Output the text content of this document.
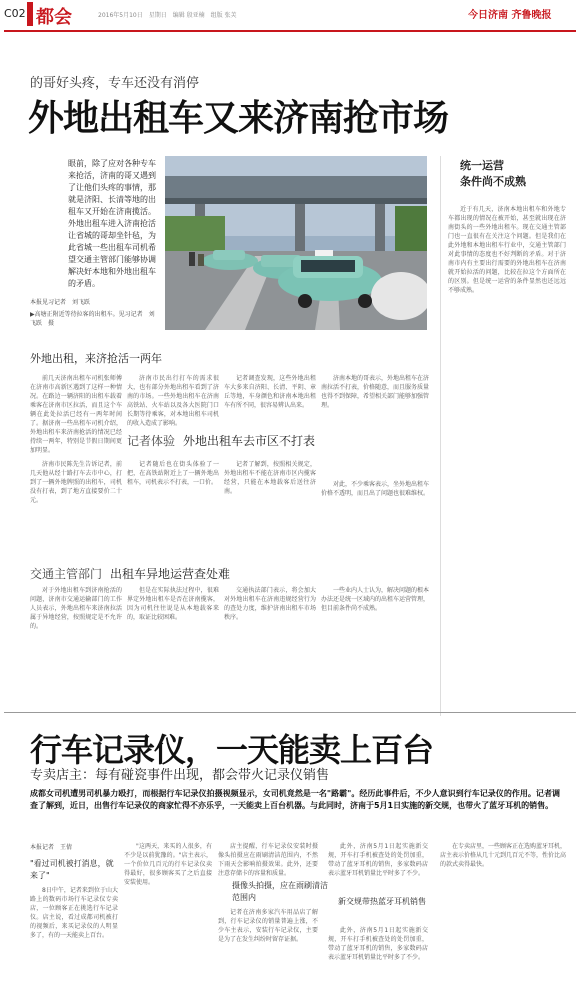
C02 都会	2016年5月10日　星期日　编辑 殷亚楠　组版 张芙	今日济南 齐鲁晚报
的哥好头疼，专车还没有消停
外地出租车又来济南抢市场
眼前，除了应对各种专车来抢活，济南的哥又遇到了让他们头疼的事情，那就是济阳、长清等地的出租车又开始在济南揽活。外地出租车进入济南抢活让省城的哥却坐针毡，为此省城一些出租车司机希望交通主管部门能够协调解决好本地和外地出租车的矛盾。
本报见习记者　刘飞跃
▶高塘正附近等待拉客的出租车。见习记者　刘飞跃　摄
统一运营
条件尚不成熟

近于有几天，济南本地出租车和外地专车都出现的情况在被开始，甚至就出现在济南街头的一些外地出租车。现在交通主管部门也一直很有在关注这个问题。但是我们在此外地和本地出租车行业中，交通主管部门对此事情的态度也不好判断的矛盾。对于济南市内有主要出行需要的外地出租车在济南就开始拉活的问题，比较在拉这个方面所在的区别。但是统一运营的条件显然也还远远不够成熟。

外地出租，来济抢活一两年

前几天济南出租车司机张师傅在济南市高新区遇到了这样一种情况。在路边一辆济阳的出租车载着乘客在济南市区拉活，而且这个车辆在此处拉活已经有一两年时间了。据济南一些出租车司机介绍，外地出租车来济南抢活的情况已经持续一两年，特别是节假日期间更加明显。

济南市民出行打车的需求很大，也有部分外地出租车看到了济南的市场。一些外地出租车在济南高铁站、火车站以及各大医院门口长期等待乘客，对本地出租车司机的收入造成了影响。

记者调查发现，这些外地出租车大多来自济阳、长清、平阴、章丘等地，车身颜色和济南本地出租车有所不同，很容易辨认出来。

济南本地的哥表示，外地出租车在济南拉活不打表，价格随意，而且服务质量也得不到保障，希望相关部门能够加强管理。

记者体验 外地出租车去市区不打表

济南市民陈先生告诉记者，前几天他从经十路打车去市中心，打到了一辆外地牌照的出租车，司机没有打表，到了地方直接要价二十元。

记者随后也在街头体验了一把，在高铁站附近上了一辆外地出租车，司机表示不打表，一口价。

记者了解到，按照相关规定，外地出租车不能在济南市区内揽客经营，只能在本地载客后送往济南。

对此，不少乘客表示，坐外地出租车价格不透明，而且出了问题也很难维权。

交通主管部门 出租车异地运营查处难

对于外地出租车到济南抢活的问题，济南市交通运输部门的工作人员表示，外地出租车来济南拉活属于异地经营，按照规定是不允许的。

但是在实际执法过程中，很难界定外地出租车是否在济南揽客，因为司机往往说是从本地载客来的，取证比较困难。

交通执法部门表示，将会加大对外地出租车在济南违规经营行为的查处力度，维护济南出租车市场秩序。

一些业内人士认为，解决问题的根本办法还是统一区域内的出租车运营管理，但目前条件尚不成熟。

行车记录仪，一天能卖上百台
专卖店主：每有碰瓷事件出现，都会带火记录仪销售
成都女司机遭男司机暴力殴打，而根据行车记录仪拍摄视频显示，女司机竟然是一名"路霸"。经历此事件后，不少人意识到行车记录仪的作用。记者调查了解到，近日，出售行车记录仪的商家忙得不亦乐乎，一天能卖上百台机器。与此同时，济南于5月1日实施的新交规，也带火了蓝牙耳机的销售。
本报记者　王倩
"看过司机被打消息，就来了"

8日中午，记者来到位于山大路上的数码市场行车记录仪专卖店，一位顾客正在挑选行车记录仪。店主说，看过成都司机被打的视频后，来买记录仪的人明显多了，有的一天能卖上百台。

"这两天，来买的人很多，有不少是以前犹豫的。"店主表示，一个价位几百元的行车记录仪卖得最好，很多顾客买了之后直接安装使用。	摄像头拍摄，应在雨刷清洁范围内

店主提醒，行车记录仪安装时摄像头拍摄应在雨刷清洁范围内，不然下雨天会影响拍摄效果。此外，还要注意存储卡的容量和质量。

记者在济南多家汽车用品店了解到，行车记录仪的销量普遍上涨，不少车主表示，安装行车记录仪，主要是为了在发生纠纷时留存证据。

新交规带热蓝牙耳机销售

此外，济南5月1日起实施新交规，开车打手机被查处的处罚加重，带动了蓝牙耳机的销售，多家数码店表示蓝牙耳机销量比平时多了不少。

此外，济南5月1日起实施新交规，开车打手机被查处的处罚加重，带动了蓝牙耳机的销售，多家数码店表示蓝牙耳机销量比平时多了不少。

在专卖店里，一些顾客正在选购蓝牙耳机，店主表示价格从几十元到几百元不等，性价比高的款式卖得最快。
